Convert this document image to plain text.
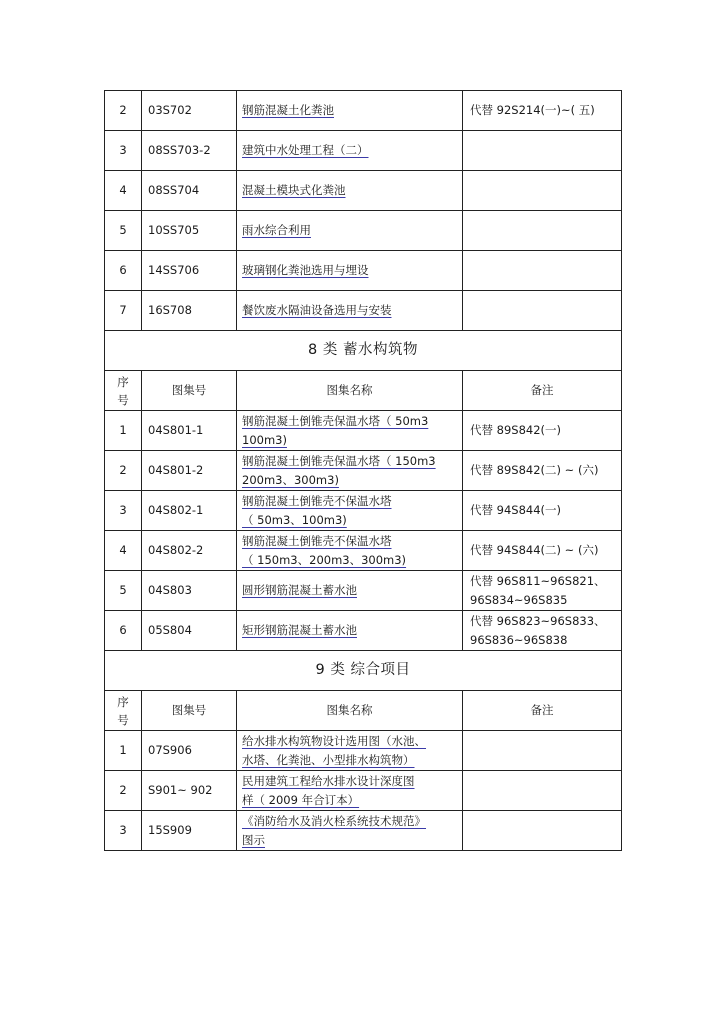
2	03S702	钢筋混凝土化粪池	代替 92S214(一)~( 五)
3	08SS703-2	建筑中水处理工程（二）	
4	08SS704	混凝土模块式化粪池	
5	10SS705	雨水综合利用	
6	14SS706	玻璃钢化粪池选用与埋设	
7	16S708	餐饮废水隔油设备选用与安装	
8 类 蓄水构筑物			
序
号	图集号	图集名称	备注
1	04S801-1	钢筋混凝土倒锥壳保温水塔（ 50m3
100m3)	代替 89S842(一)
2	04S801-2	钢筋混凝土倒锥壳保温水塔（ 150m3
200m3、300m3)	代替 89S842(二) ~ (六)
3	04S802-1	钢筋混凝土倒锥壳不保温水塔
（ 50m3、100m3)	代替 94S844(一)
4	04S802-2	钢筋混凝土倒锥壳不保温水塔
（ 150m3、200m3、300m3)	代替 94S844(二) ~ (六)
5	04S803	圆形钢筋混凝土蓄水池	代替 96S811~96S821、
96S834~96S835
6	05S804	矩形钢筋混凝土蓄水池	代替 96S823~96S833、
96S836~96S838
9 类 综合项目			
序
号	图集号	图集名称	备注
1	07S906	给水排水构筑物设计选用图（水池、
水塔、化粪池、小型排水构筑物）	
2	S901~ 902	民用建筑工程给水排水设计深度图
样（ 2009 年合订本）	
3	15S909	《消防给水及消火栓系统技术规范》
图示	
